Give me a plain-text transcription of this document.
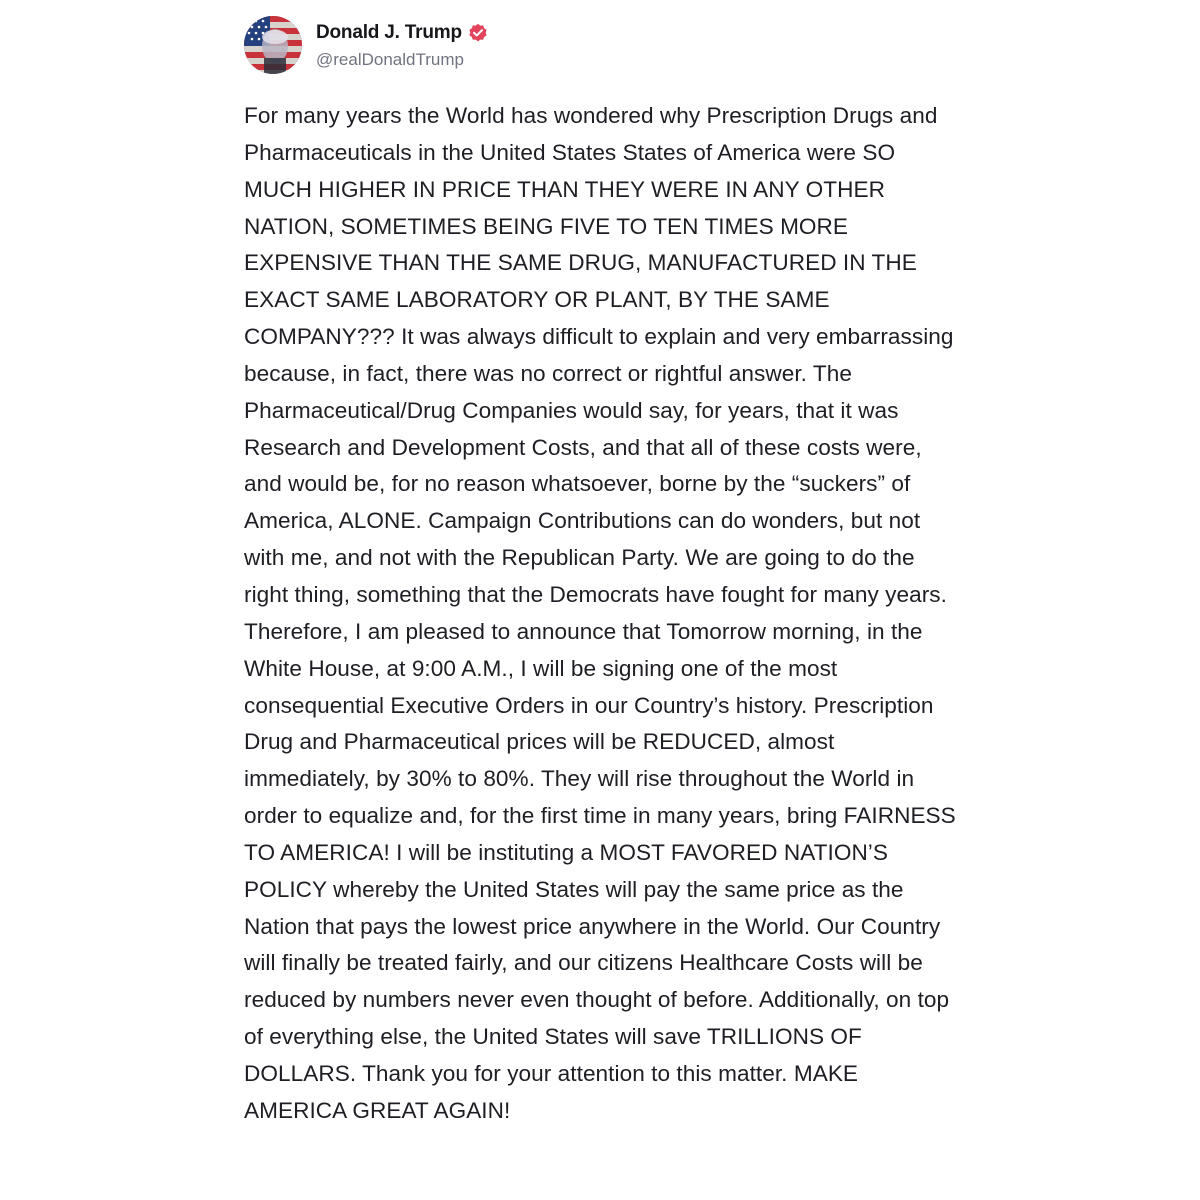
Donald J. Trump
@realDonaldTrump
For many years the World has wondered why Prescription Drugs and Pharmaceuticals in the United States States of America were SO MUCH HIGHER IN PRICE THAN THEY WERE IN ANY OTHER NATION, SOMETIMES BEING FIVE TO TEN TIMES MORE EXPENSIVE THAN THE SAME DRUG, MANUFACTURED IN THE EXACT SAME LABORATORY OR PLANT, BY THE SAME COMPANY??? It was always difficult to explain and very embarrassing because, in fact, there was no correct or rightful answer. The Pharmaceutical/Drug Companies would say, for years, that it was Research and Development Costs, and that all of these costs were, and would be, for no reason whatsoever, borne by the “suckers” of America, ALONE. Campaign Contributions can do wonders, but not with me, and not with the Republican Party. We are going to do the right thing, something that the Democrats have fought for many years. Therefore, I am pleased to announce that Tomorrow morning, in the White House, at 9:00 A.M., I will be signing one of the most consequential Executive Orders in our Country’s history. Prescription Drug and Pharmaceutical prices will be REDUCED, almost immediately, by 30% to 80%. They will rise throughout the World in order to equalize and, for the first time in many years, bring FAIRNESS TO AMERICA! I will be instituting a MOST FAVORED NATION’S POLICY whereby the United States will pay the same price as the Nation that pays the lowest price anywhere in the World. Our Country will finally be treated fairly, and our citizens Healthcare Costs will be reduced by numbers never even thought of before. Additionally, on top of everything else, the United States will save TRILLIONS OF DOLLARS. Thank you for your attention to this matter. MAKE AMERICA GREAT AGAIN!
